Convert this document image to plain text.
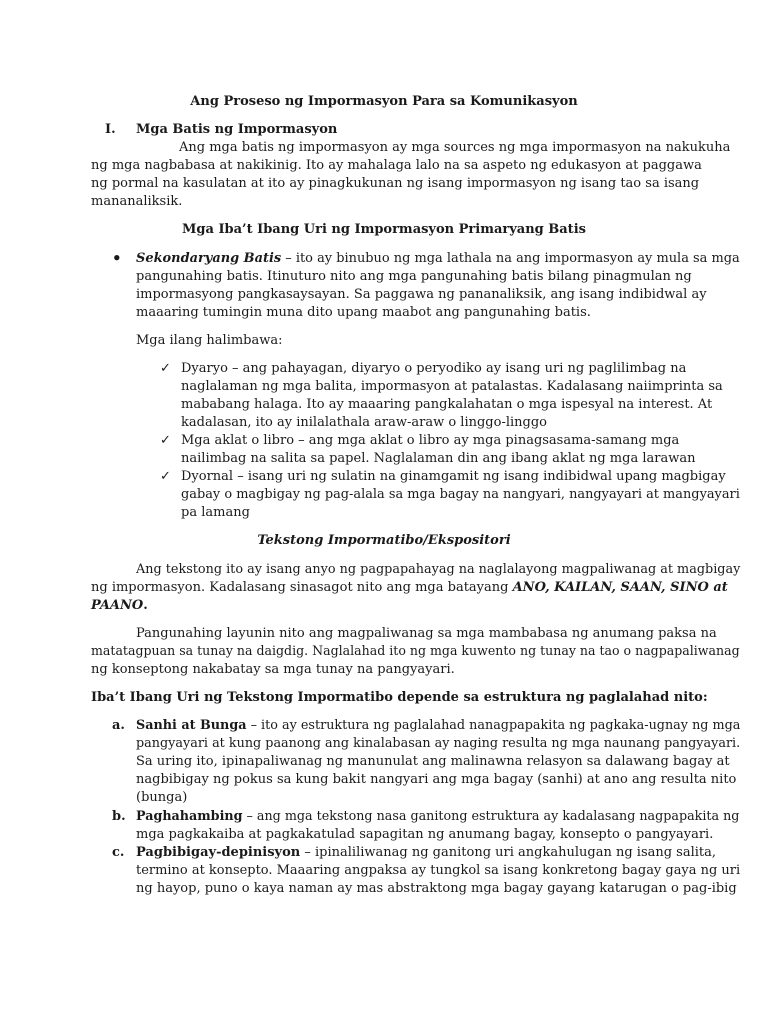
Ang Proseso ng Impormasyon Para sa Komunikasyon
I. Mga Batis ng Impormasyon
Ang mga batis ng impormasyon ay mga sources ng mga impormasyon na nakukuha
ng mga nagbabasa at nakikinig. Ito ay mahalaga lalo na sa aspeto ng edukasyon at paggawa
ng pormal na kasulatan at ito ay pinagkukunan ng isang impormasyon ng isang tao sa isang
mananaliksik.
Mga Iba’t Ibang Uri ng Impormasyon Primaryang Batis
• Sekondaryang Batis – ito ay binubuo ng mga lathala na ang impormasyon ay mula sa mga
pangunahing batis. Itinuturo nito ang mga pangunahing batis bilang pinagmulan ng
impormasyong pangkasaysayan. Sa paggawa ng pananaliksik, ang isang indibidwal ay
maaaring tumingin muna dito upang maabot ang pangunahing batis.
Mga ilang halimbawa:
✓ Dyaryo – ang pahayagan, diyaryo o peryodiko ay isang uri ng paglilimbag na
naglalaman ng mga balita, impormasyon at patalastas. Kadalasang naiimprinta sa
mababang halaga. Ito ay maaaring pangkalahatan o mga ispesyal na interest. At
kadalasan, ito ay inilalathala araw-araw o linggo-linggo
✓ Mga aklat o libro – ang mga aklat o libro ay mga pinagsasama-samang mga
nailimbag na salita sa papel. Naglalaman din ang ibang aklat ng mga larawan
✓ Dyornal – isang uri ng sulatin na ginamgamit ng isang indibidwal upang magbigay
gabay o magbigay ng pag-alala sa mga bagay na nangyari, nangyayari at mangyayari
pa lamang
Tekstong Impormatibo/Ekspositori
Ang tekstong ito ay isang anyo ng pagpapahayag na naglalayong magpaliwanag at magbigay
ng impormasyon. Kadalasang sinasagot nito ang mga batayang ANO, KAILAN, SAAN, SINO at
PAANO.
Pangunahing layunin nito ang magpaliwanag sa mga mambabasa ng anumang paksa na
matatagpuan sa tunay na daigdig. Naglalahad ito ng mga kuwento ng tunay na tao o nagpapaliwanag
ng konseptong nakabatay sa mga tunay na pangyayari.
Iba’t Ibang Uri ng Tekstong Impormatibo depende sa estruktura ng paglalahad nito:
a. Sanhi at Bunga – ito ay estruktura ng paglalahad nanagpapakita ng pagkaka-ugnay ng mga
pangyayari at kung paanong ang kinalabasan ay naging resulta ng mga naunang pangyayari.
Sa uring ito, ipinapaliwanag ng manunulat ang malinawna relasyon sa dalawang bagay at
nagbibigay ng pokus sa kung bakit nangyari ang mga bagay (sanhi) at ano ang resulta nito
(bunga)
b. Paghahambing – ang mga tekstong nasa ganitong estruktura ay kadalasang nagpapakita ng
mga pagkakaiba at pagkakatulad sapagitan ng anumang bagay, konsepto o pangyayari.
c. Pagbibigay-depinisyon – ipinaliliwanag ng ganitong uri angkahulugan ng isang salita,
termino at konsepto. Maaaring angpaksa ay tungkol sa isang konkretong bagay gaya ng uri
ng hayop, puno o kaya naman ay mas abstraktong mga bagay gayang katarugan o pag-ibig
